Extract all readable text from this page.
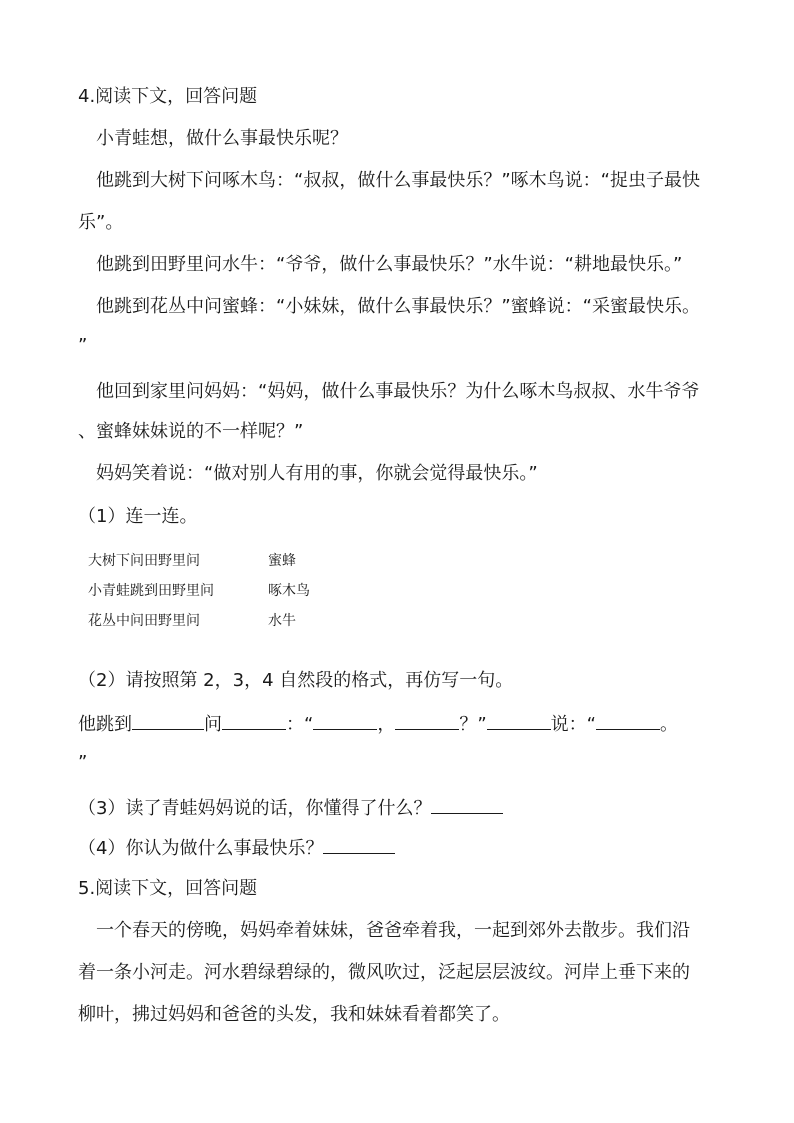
4.阅读下文，回答问题

小青蛙想，做什么事最快乐呢？

他跳到大树下问啄木鸟：“叔叔，做什么事最快乐？”啄木鸟说：“捉虫子最快

乐”。

他跳到田野里问水牛：“爷爷，做什么事最快乐？”水牛说：“耕地最快乐。”

他跳到花丛中问蜜蜂：“小妹妹，做什么事最快乐？”蜜蜂说：“采蜜最快乐。

”

他回到家里问妈妈：“妈妈，做什么事最快乐？为什么啄木鸟叔叔、水牛爷爷

、蜜蜂妹妹说的不一样呢？”

妈妈笑着说：“做对别人有用的事，你就会觉得最快乐。”

（1）连一连。

大树下问田野里问	蜜蜂
小青蛙跳到田野里问	啄木鸟
花丛中问田野里问	水牛

（2）请按照第 2，3，4 自然段的格式，再仿写一句。

他跳到	问	：“	，	？”	说：“	。

”

（3）读了青蛙妈妈说的话，你懂得了什么？

（4）你认为做什么事最快乐？

5.阅读下文，回答问题

一个春天的傍晚，妈妈牵着妹妹，爸爸牵着我，一起到郊外去散步。我们沿

着一条小河走。河水碧绿碧绿的，微风吹过，泛起层层波纹。河岸上垂下来的

柳叶，拂过妈妈和爸爸的头发，我和妹妹看着都笑了。
